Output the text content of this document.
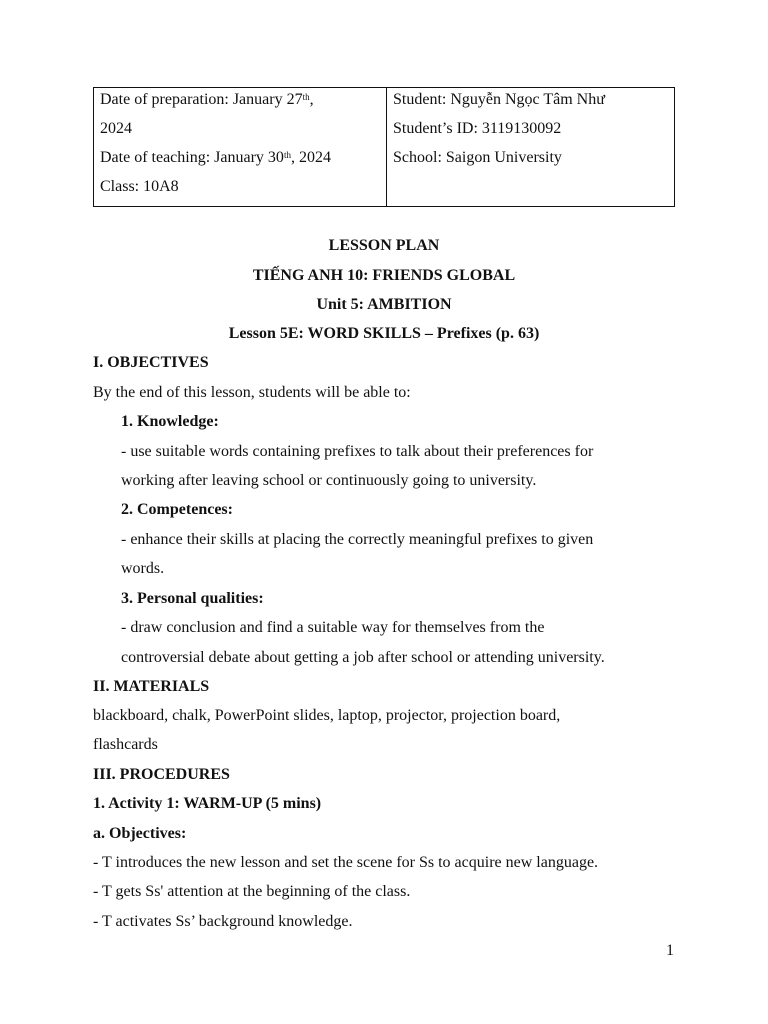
Date of preparation: January 27th,
2024
Date of teaching: January 30th, 2024
Class: 10A8
Student: Nguyễn Ngọc Tâm Như
Student’s ID: 3119130092
School: Saigon University
LESSON PLAN
TIẾNG ANH 10: FRIENDS GLOBAL
Unit 5: AMBITION
Lesson 5E: WORD SKILLS – Prefixes (p. 63)
I. OBJECTIVES
By the end of this lesson, students will be able to:
1. Knowledge:
- use suitable words containing prefixes to talk about their preferences for
working after leaving school or continuously going to university.
2. Competences:
- enhance their skills at placing the correctly meaningful prefixes to given
words.
3. Personal qualities:
- draw conclusion and find a suitable way for themselves from the
controversial debate about getting a job after school or attending university.
II. MATERIALS
blackboard, chalk, PowerPoint slides, laptop, projector, projection board,
flashcards
III. PROCEDURES
1. Activity 1: WARM-UP (5 mins)
a. Objectives:
- T introduces the new lesson and set the scene for Ss to acquire new language.
- T gets Ss' attention at the beginning of the class.
- T activates Ss’ background knowledge.
1
